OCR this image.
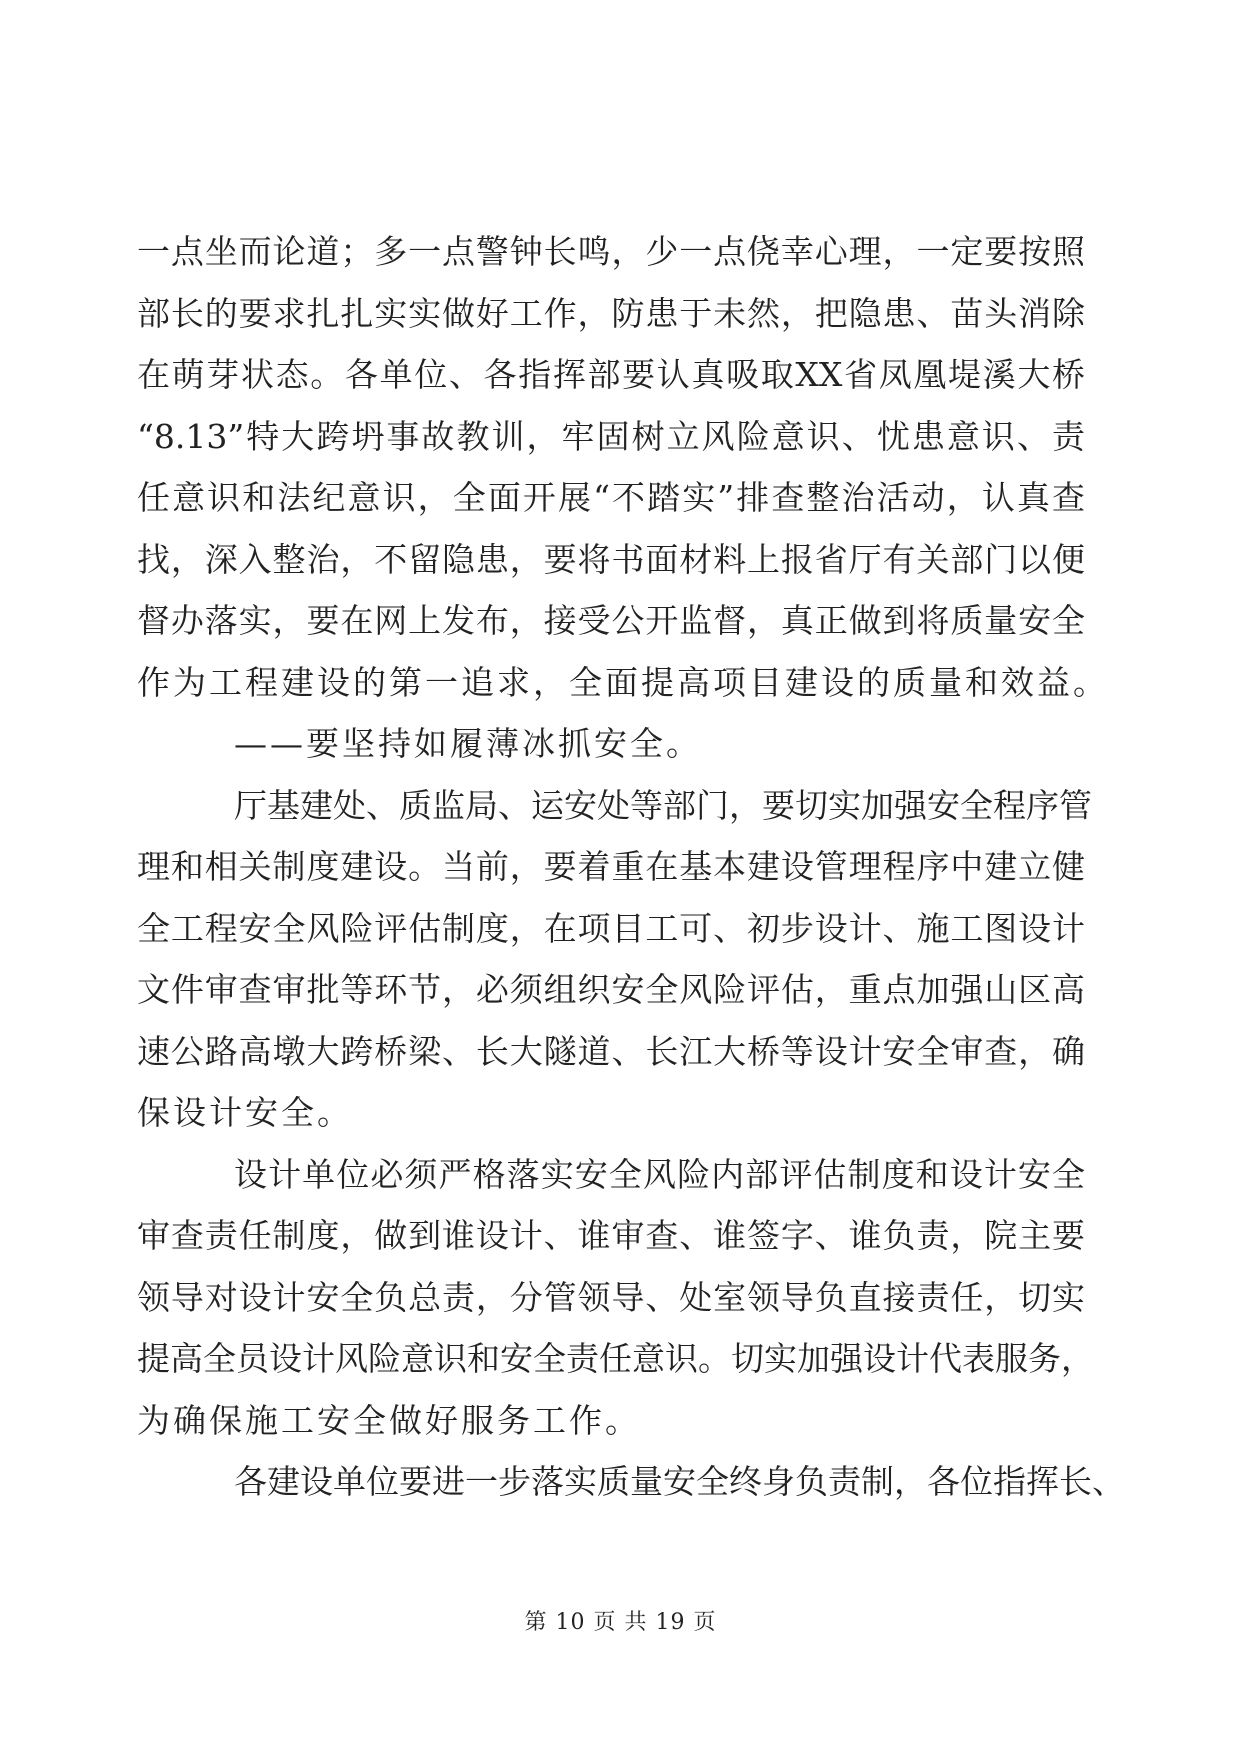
一点坐而论道；多一点警钟长鸣，少一点侥幸心理，一定要按照
部长的要求扎扎实实做好工作，防患于未然，把隐患、苗头消除
在萌芽状态。各单位、各指挥部要认真吸取XX省凤凰堤溪大桥
“8.13”特大跨坍事故教训，牢固树立风险意识、忧患意识、责
任意识和法纪意识，全面开展“不踏实”排查整治活动，认真查
找，深入整治，不留隐患，要将书面材料上报省厅有关部门以便
督办落实，要在网上发布，接受公开监督，真正做到将质量安全
作为工程建设的第一追求，全面提高项目建设的质量和效益。
——要坚持如履薄冰抓安全。
厅基建处、质监局、运安处等部门，要切实加强安全程序管
理和相关制度建设。当前，要着重在基本建设管理程序中建立健
全工程安全风险评估制度，在项目工可、初步设计、施工图设计
文件审查审批等环节，必须组织安全风险评估，重点加强山区高
速公路高墩大跨桥梁、长大隧道、长江大桥等设计安全审查，确
保设计安全。
设计单位必须严格落实安全风险内部评估制度和设计安全
审查责任制度，做到谁设计、谁审查、谁签字、谁负责，院主要
领导对设计安全负总责，分管领导、处室领导负直接责任，切实
提高全员设计风险意识和安全责任意识。切实加强设计代表服务，
为确保施工安全做好服务工作。
各建设单位要进一步落实质量安全终身负责制，各位指挥长、
第 10 页 共 19 页
